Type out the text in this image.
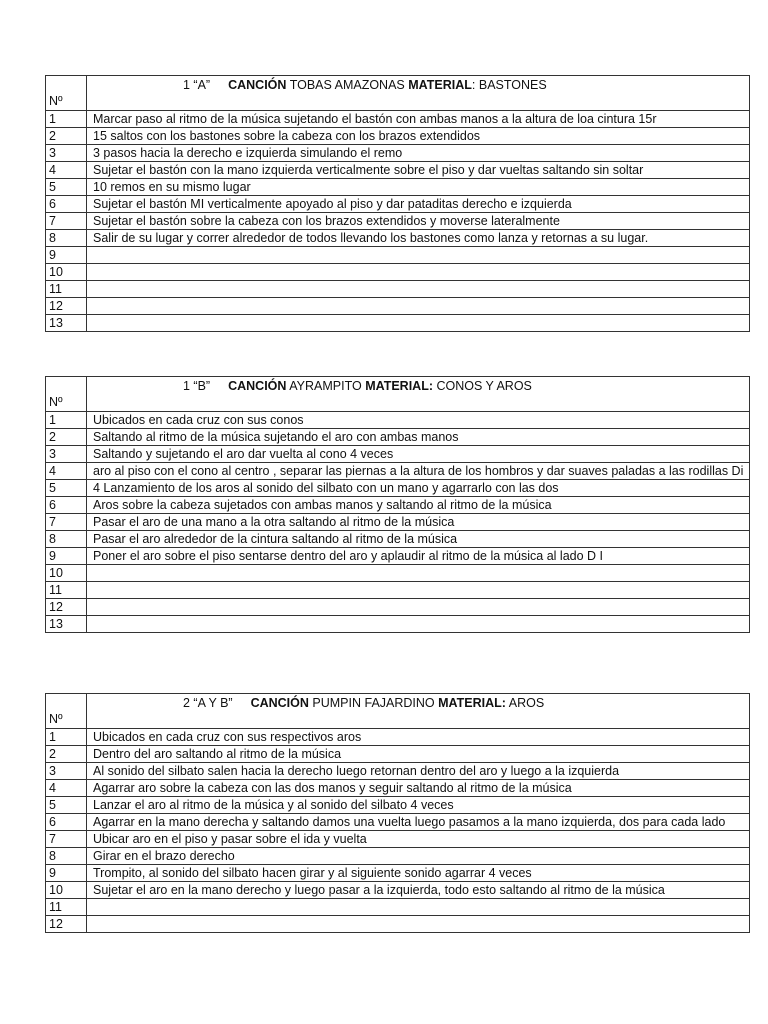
Nº	1 “A” CANCIÓN TOBAS AMAZONAS MATERIAL: BASTONES
1	Marcar paso al ritmo de la música sujetando el bastón con ambas manos a la altura de loa cintura 15r
2	15 saltos con los bastones sobre la cabeza con los brazos extendidos
3	3 pasos hacia la derecho e izquierda simulando el remo
4	Sujetar el bastón con la mano izquierda verticalmente sobre el piso y dar vueltas saltando sin soltar
5	10 remos en su mismo lugar
6	Sujetar el bastón MI verticalmente apoyado al piso y dar pataditas derecho e izquierda
7	Sujetar el bastón sobre la cabeza con los brazos extendidos y moverse lateralmente
8	Salir de su lugar y correr alrededor de todos llevando los bastones como lanza y retornas a su lugar.
9	
10	
11	
12	
13	
Nº	1 “B” CANCIÓN AYRAMPITO MATERIAL: CONOS Y AROS
1	Ubicados en cada cruz con sus conos
2	Saltando al ritmo de la música sujetando el aro con ambas manos
3	Saltando y sujetando el aro dar vuelta al cono 4 veces
4	aro al piso con el cono al centro , separar las piernas a la altura de los hombros y dar suaves paladas a las rodillas Di
5	4 Lanzamiento de los aros al sonido del silbato con un mano y agarrarlo con las dos
6	Aros sobre la cabeza sujetados con ambas manos y saltando al ritmo de la música
7	Pasar el aro de una mano a la otra saltando al ritmo de la música
8	Pasar el aro alrededor de la cintura saltando al ritmo de la música
9	Poner el aro sobre el piso sentarse dentro del aro y aplaudir al ritmo de la música al lado D I
10	
11	
12	
13	
Nº	2 “A Y B” CANCIÓN PUMPIN FAJARDINO MATERIAL: AROS
1	Ubicados en cada cruz con sus respectivos aros
2	Dentro del aro saltando al ritmo de la música
3	Al sonido del silbato salen hacia la derecho luego retornan dentro del aro y luego a la izquierda
4	Agarrar aro sobre la cabeza con las dos manos y seguir saltando al ritmo de la música
5	Lanzar el aro al ritmo de la música y al sonido del silbato 4 veces
6	Agarrar en la mano derecha y saltando damos una vuelta luego pasamos a la mano izquierda, dos para cada lado
7	Ubicar aro en el piso y pasar sobre el ida y vuelta
8	Girar en el brazo derecho
9	Trompito, al sonido del silbato hacen girar y al siguiente sonido agarrar 4 veces
10	Sujetar el aro en la mano derecho y luego pasar a la izquierda, todo esto saltando al ritmo de la música
11	
12	
